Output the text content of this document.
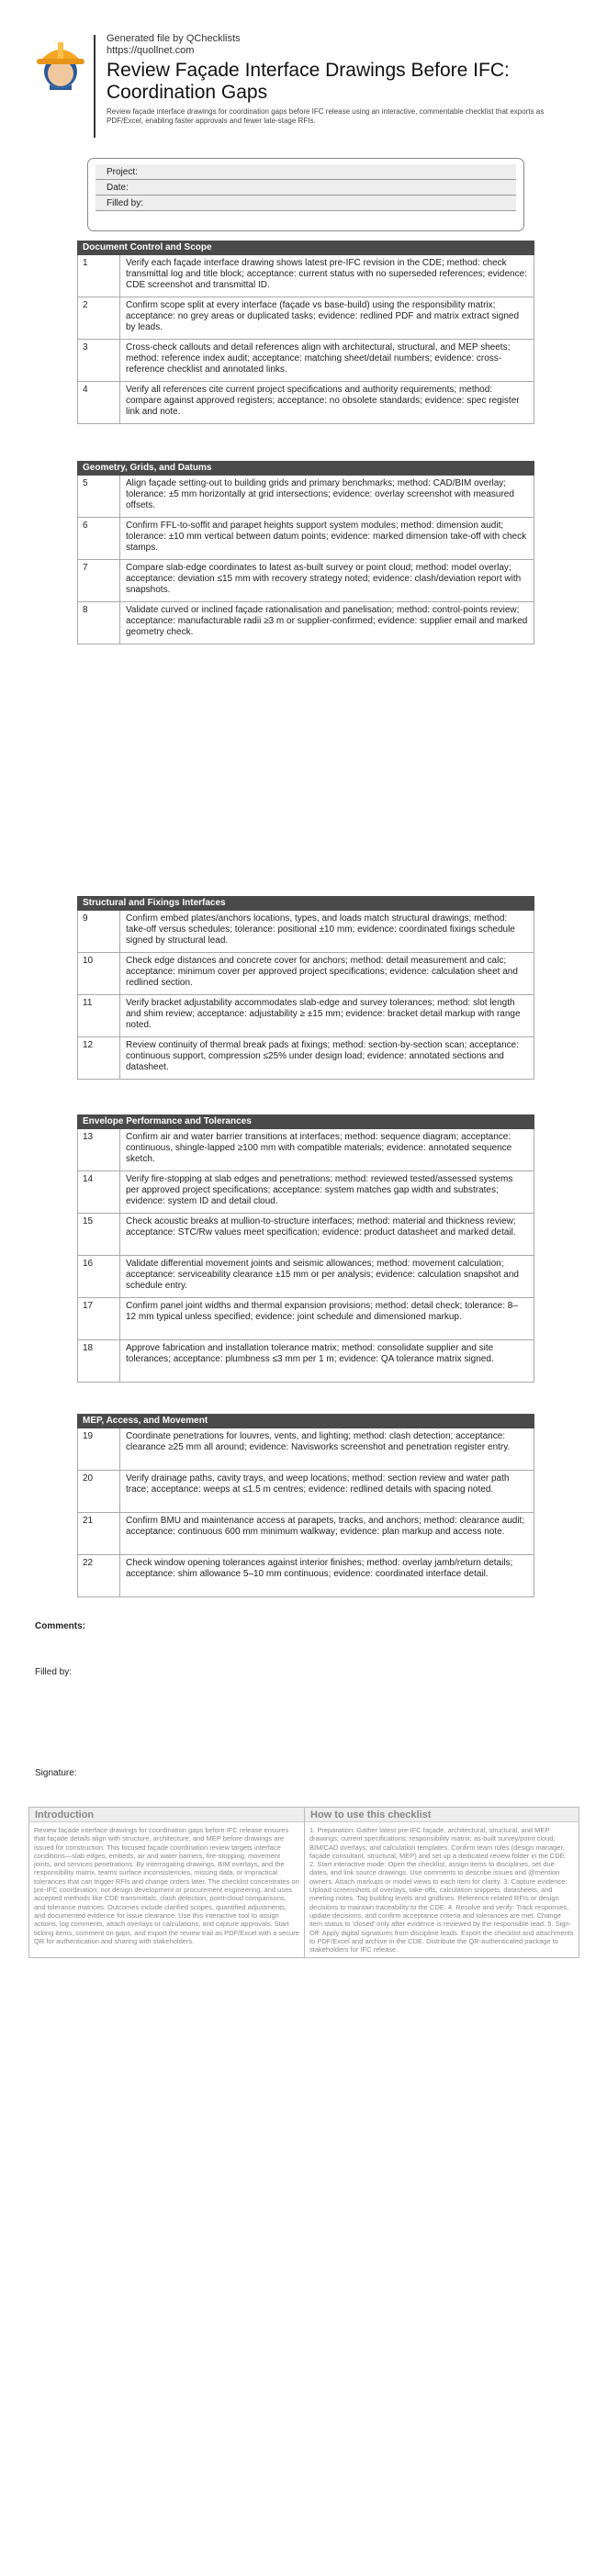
Generated file by QChecklists
https://quollnet.com
Review Façade Interface Drawings Before IFC: Coordination Gaps
Review façade interface drawings for coordination gaps before IFC release using an interactive, commentable checklist that exports as PDF/Excel, enabling faster approvals and fewer late-stage RFIs.
Project:
Date:
Filled by:
Document Control and Scope
1	Verify each façade interface drawing shows latest pre-IFC revision in the CDE; method: check transmittal log and title block; acceptance: current status with no superseded references; evidence: CDE screenshot and transmittal ID.
2	Confirm scope split at every interface (façade vs base-build) using the responsibility matrix; acceptance: no grey areas or duplicated tasks; evidence: redlined PDF and matrix extract signed by leads.
3	Cross-check callouts and detail references align with architectural, structural, and MEP sheets; method: reference index audit; acceptance: matching sheet/detail numbers; evidence: cross-reference checklist and annotated links.
4	Verify all references cite current project specifications and authority requirements; method: compare against approved registers; acceptance: no obsolete standards; evidence: spec register link and note.
Geometry, Grids, and Datums
5	Align façade setting-out to building grids and primary benchmarks; method: CAD/BIM overlay; tolerance: ±5 mm horizontally at grid intersections; evidence: overlay screenshot with measured offsets.
6	Confirm FFL-to-soffit and parapet heights support system modules; method: dimension audit; tolerance: ±10 mm vertical between datum points; evidence: marked dimension take-off with check stamps.
7	Compare slab-edge coordinates to latest as-built survey or point cloud; method: model overlay; acceptance: deviation ≤15 mm with recovery strategy noted; evidence: clash/deviation report with snapshots.
8	Validate curved or inclined façade rationalisation and panelisation; method: control-points review; acceptance: manufacturable radii ≥3 m or supplier-confirmed; evidence: supplier email and marked geometry check.
Structural and Fixings Interfaces
9	Confirm embed plates/anchors locations, types, and loads match structural drawings; method: take-off versus schedules; tolerance: positional ±10 mm; evidence: coordinated fixings schedule signed by structural lead.
10	Check edge distances and concrete cover for anchors; method: detail measurement and calc; acceptance: minimum cover per approved project specifications; evidence: calculation sheet and redlined section.
11	Verify bracket adjustability accommodates slab-edge and survey tolerances; method: slot length and shim review; acceptance: adjustability ≥ ±15 mm; evidence: bracket detail markup with range noted.
12	Review continuity of thermal break pads at fixings; method: section-by-section scan; acceptance: continuous support, compression ≤25% under design load; evidence: annotated sections and datasheet.
Envelope Performance and Tolerances
13	Confirm air and water barrier transitions at interfaces; method: sequence diagram; acceptance: continuous, shingle-lapped ≥100 mm with compatible materials; evidence: annotated sequence sketch.
14	Verify fire-stopping at slab edges and penetrations; method: reviewed tested/assessed systems per approved project specifications; acceptance: system matches gap width and substrates; evidence: system ID and detail cloud.
15	Check acoustic breaks at mullion-to-structure interfaces; method: material and thickness review; acceptance: STC/Rw values meet specification; evidence: product datasheet and marked detail.
16	Validate differential movement joints and seismic allowances; method: movement calculation; acceptance: serviceability clearance ±15 mm or per analysis; evidence: calculation snapshot and schedule entry.
17	Confirm panel joint widths and thermal expansion provisions; method: detail check; tolerance: 8–12 mm typical unless specified; evidence: joint schedule and dimensioned markup.
18	Approve fabrication and installation tolerance matrix; method: consolidate supplier and site tolerances; acceptance: plumbness ≤3 mm per 1 m; evidence: QA tolerance matrix signed.
MEP, Access, and Movement
19	Coordinate penetrations for louvres, vents, and lighting; method: clash detection; acceptance: clearance ≥25 mm all around; evidence: Navisworks screenshot and penetration register entry.
20	Verify drainage paths, cavity trays, and weep locations; method: section review and water path trace; acceptance: weeps at ≤1.5 m centres; evidence: redlined details with spacing noted.
21	Confirm BMU and maintenance access at parapets, tracks, and anchors; method: clearance audit; acceptance: continuous 600 mm minimum walkway; evidence: plan markup and access note.
22	Check window opening tolerances against interior finishes; method: overlay jamb/return details; acceptance: shim allowance 5–10 mm continuous; evidence: coordinated interface detail.
Comments:
Filled by:
Signature:
Introduction
Review façade interface drawings for coordination gaps before IFC release ensures that façade details align with structure, architecture, and MEP before drawings are issued for construction. This focused façade coordination review targets interface conditions—slab edges, embeds, air and water barriers, fire-stopping, movement joints, and services penetrations. By interrogating drawings, BIM overlays, and the responsibility matrix, teams surface inconsistencies, missing data, or impractical tolerances that can trigger RFIs and change orders later. The checklist concentrates on pre-IFC coordination, not design development or procurement engineering, and uses accepted methods like CDE transmittals, clash detection, point-cloud comparisons, and tolerance matrices. Outcomes include clarified scopes, quantified adjustments, and documented evidence for issue clearance. Use this interactive tool to assign actions, log comments, attach overlays or calculations, and capture approvals. Start ticking items, comment on gaps, and export the review trail as PDF/Excel with a secure QR for authentication and sharing with stakeholders.
How to use this checklist
1. Preparation: Gather latest pre-IFC façade, architectural, structural, and MEP drawings; current specifications; responsibility matrix; as-built survey/point cloud; BIM/CAD overlays; and calculation templates. Confirm team roles (design manager, façade consultant, structural, MEP) and set up a dedicated review folder in the CDE. 2. Start interactive mode: Open the checklist, assign items to disciplines, set due dates, and link source drawings. Use comments to describe issues and @mention owners. Attach markups or model views to each item for clarity. 3. Capture evidence: Upload screenshots of overlays, take-offs, calculation snippets, datasheets, and meeting notes. Tag building levels and gridlines. Reference related RFIs or design decisions to maintain traceability to the CDE. 4. Resolve and verify: Track responses, update decisions, and confirm acceptance criteria and tolerances are met. Change item status to 'closed' only after evidence is reviewed by the responsible lead. 5. Sign-Off: Apply digital signatures from discipline leads. Export the checklist and attachments to PDF/Excel and archive in the CDE. Distribute the QR-authenticated package to stakeholders for IFC release.
